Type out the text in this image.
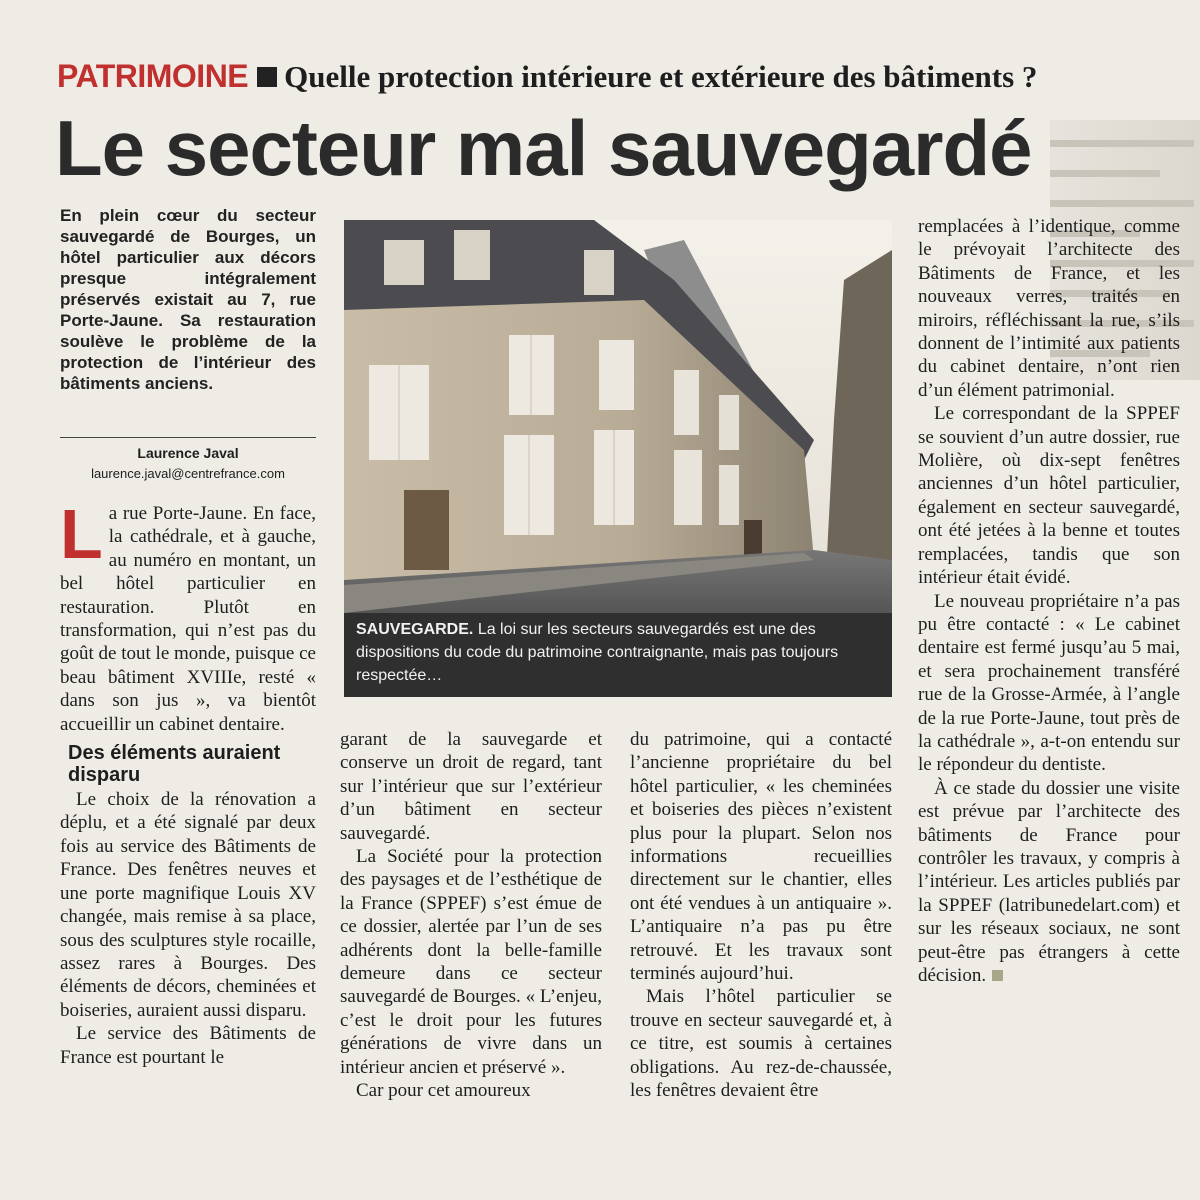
PATRIMOINE Quelle protection intérieure et extérieure des bâtiments ?
Le secteur mal sauvegardé
En plein cœur du secteur sauvegardé de Bourges, un hôtel particulier aux décors presque intégralement préservés existait au 7, rue Porte-Jaune. Sa restauration soulève le problème de la protection de l’intérieur des bâtiments anciens.
Laurence Javal
laurence.javal@centrefrance.com

La rue Porte-Jaune. En face, la cathédrale, et à gauche, au numéro en montant, un bel hôtel particulier en restauration. Plutôt en transformation, qui n’est pas du goût de tout le monde, puisque ce beau bâtiment XVIIIe, resté « dans son jus », va bientôt accueillir un cabinet dentaire.

Des éléments auraient disparu

Le choix de la rénovation a déplu, et a été signalé par deux fois au service des Bâtiments de France. Des fenêtres neuves et une porte magnifique Louis XV changée, mais remise à sa place, sous des sculptures style rocaille, assez rares à Bourges. Des éléments de décors, cheminées et boiseries, auraient aussi disparu.

Le service des Bâtiments de France est pourtant le

SAUVEGARDE. La loi sur les secteurs sauvegardés est une des dispositions du code du patrimoine contraignante, mais pas toujours respectée…

garant de la sauvegarde et conserve un droit de regard, tant sur l’intérieur que sur l’extérieur d’un bâtiment en secteur sauvegardé.

La Société pour la protection des paysages et de l’esthétique de la France (SPPEF) s’est émue de ce dossier, alertée par l’un de ses adhérents dont la belle-famille demeure dans ce secteur sauvegardé de Bourges. « L’enjeu, c’est le droit pour les futures générations de vivre dans un intérieur ancien et préservé ».

Car pour cet amoureux

du patrimoine, qui a contacté l’ancienne propriétaire du bel hôtel particulier, « les cheminées et boiseries des pièces n’existent plus pour la plupart. Selon nos informations recueillies directement sur le chantier, elles ont été vendues à un antiquaire ». L’antiquaire n’a pas pu être retrouvé. Et les travaux sont terminés aujourd’hui.

Mais l’hôtel particulier se trouve en secteur sauvegardé et, à ce titre, est soumis à certaines obligations. Au rez-de-chaussée, les fenêtres devaient être

remplacées à l’identique, comme le prévoyait l’architecte des Bâtiments de France, et les nouveaux verres, traités en miroirs, réfléchissant la rue, s’ils donnent de l’intimité aux patients du cabinet dentaire, n’ont rien d’un élément patrimonial.

Le correspondant de la SPPEF se souvient d’un autre dossier, rue Molière, où dix-sept fenêtres anciennes d’un hôtel particulier, également en secteur sauvegardé, ont été jetées à la benne et toutes remplacées, tandis que son intérieur était évidé.

Le nouveau propriétaire n’a pas pu être contacté : « Le cabinet dentaire est fermé jusqu’au 5 mai, et sera prochainement transféré rue de la Grosse-Armée, à l’angle de la rue Porte-Jaune, tout près de la cathédrale », a-t-on entendu sur le répondeur du dentiste.

À ce stade du dossier une visite est prévue par l’architecte des bâtiments de France pour contrôler les travaux, y compris à l’intérieur. Les articles publiés par la SPPEF (latribunedelart.com) et sur les réseaux sociaux, ne sont peut-être pas étrangers à cette décision.
